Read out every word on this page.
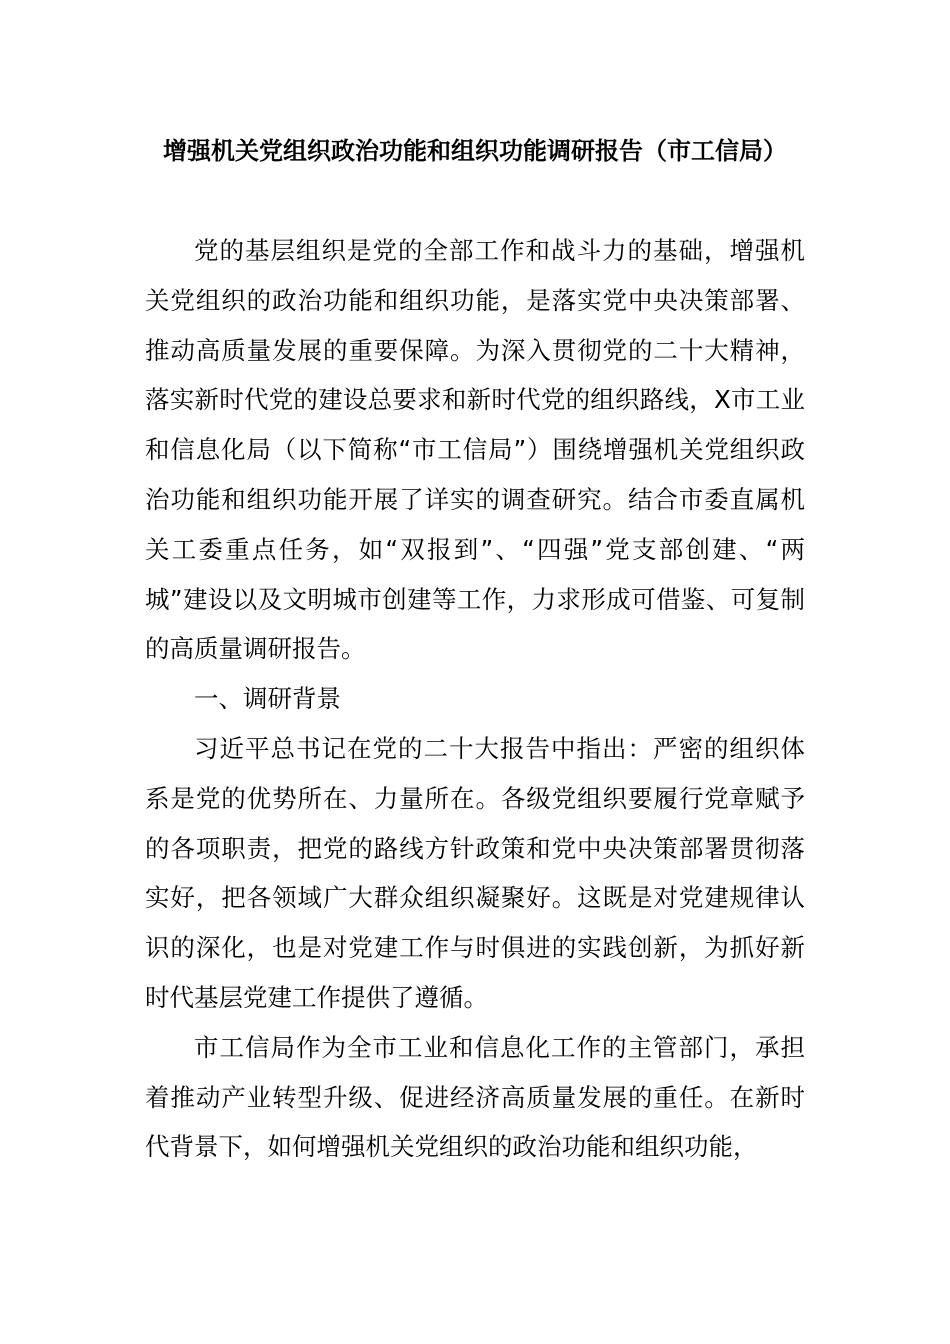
增强机关党组织政治功能和组织功能调研报告（市工信局）

党的基层组织是党的全部工作和战斗力的基础，增强机关党组织的政治功能和组织功能，是落实党中央决策部署、推动高质量发展的重要保障。为深入贯彻党的二十大精神，落实新时代党的建设总要求和新时代党的组织路线，X市工业和信息化局（以下简称“市工信局”）围绕增强机关党组织政治功能和组织功能开展了详实的调查研究。结合市委直属机关工委重点任务，如“双报到”、“四强”党支部创建、“两城”建设以及文明城市创建等工作，力求形成可借鉴、可复制的高质量调研报告。

一、调研背景

习近平总书记在党的二十大报告中指出：严密的组织体系是党的优势所在、力量所在。各级党组织要履行党章赋予的各项职责，把党的路线方针政策和党中央决策部署贯彻落实好，把各领域广大群众组织凝聚好。这既是对党建规律认识的深化，也是对党建工作与时俱进的实践创新，为抓好新时代基层党建工作提供了遵循。

市工信局作为全市工业和信息化工作的主管部门，承担着推动产业转型升级、促进经济高质量发展的重任。在新时代背景下，如何增强机关党组织的政治功能和组织功能，
